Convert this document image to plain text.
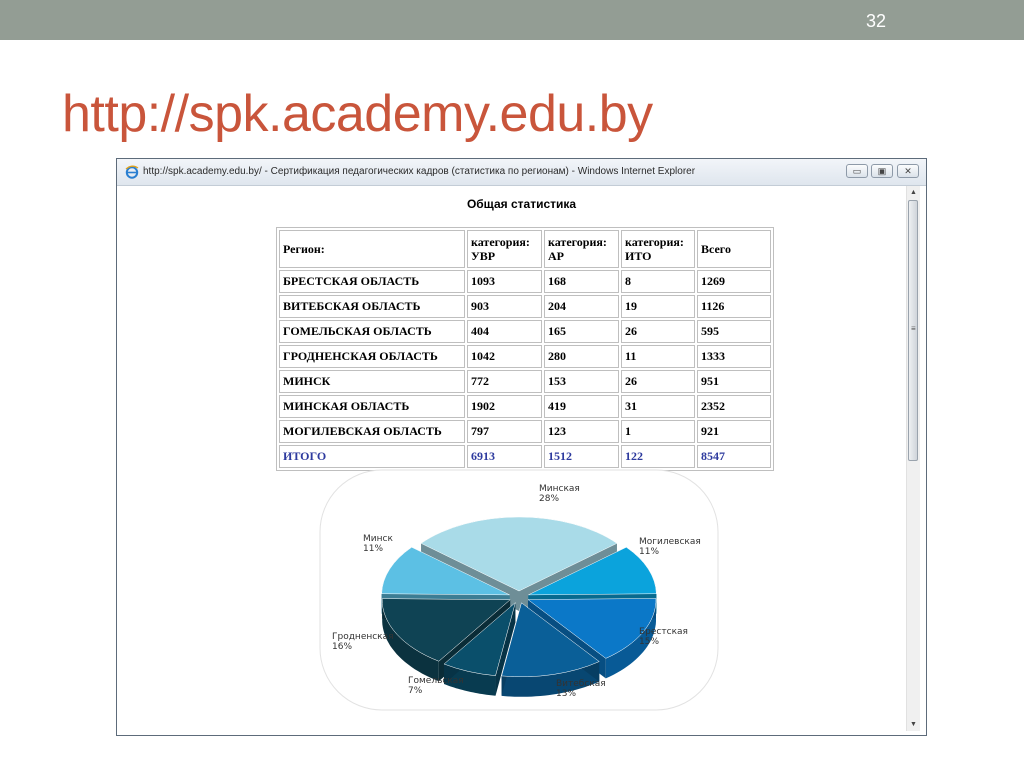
32
http://spk.academy.edu.by
http://spk.academy.edu.by/ - Сертификация педагогических кадров (статистика по регионам) - Windows Internet Explorer	▭	▣	✕
Общая статистика
Регион:	категория: УВР	категория: АР	категория: ИТО	Всего
БРЕСТСКАЯ ОБЛАСТЬ	1093	168	8	1269
ВИТЕБСКАЯ ОБЛАСТЬ	903	204	19	1126
ГОМЕЛЬСКАЯ ОБЛАСТЬ	404	165	26	595
ГРОДНЕНСКАЯ ОБЛАСТЬ	1042	280	11	1333
МИНСК	772	153	26	951
МИНСКАЯ ОБЛАСТЬ	1902	419	31	2352
МОГИЛЕВСКАЯ ОБЛАСТЬ	797	123	1	921
ИТОГО	6913	1512	122	8547
Минская
28%
Могилевская
11%
Брестская
15%
Витебская
13%
Гомельская
7%
Гродненская
16%
Минск
11%
▲
≡
▼
